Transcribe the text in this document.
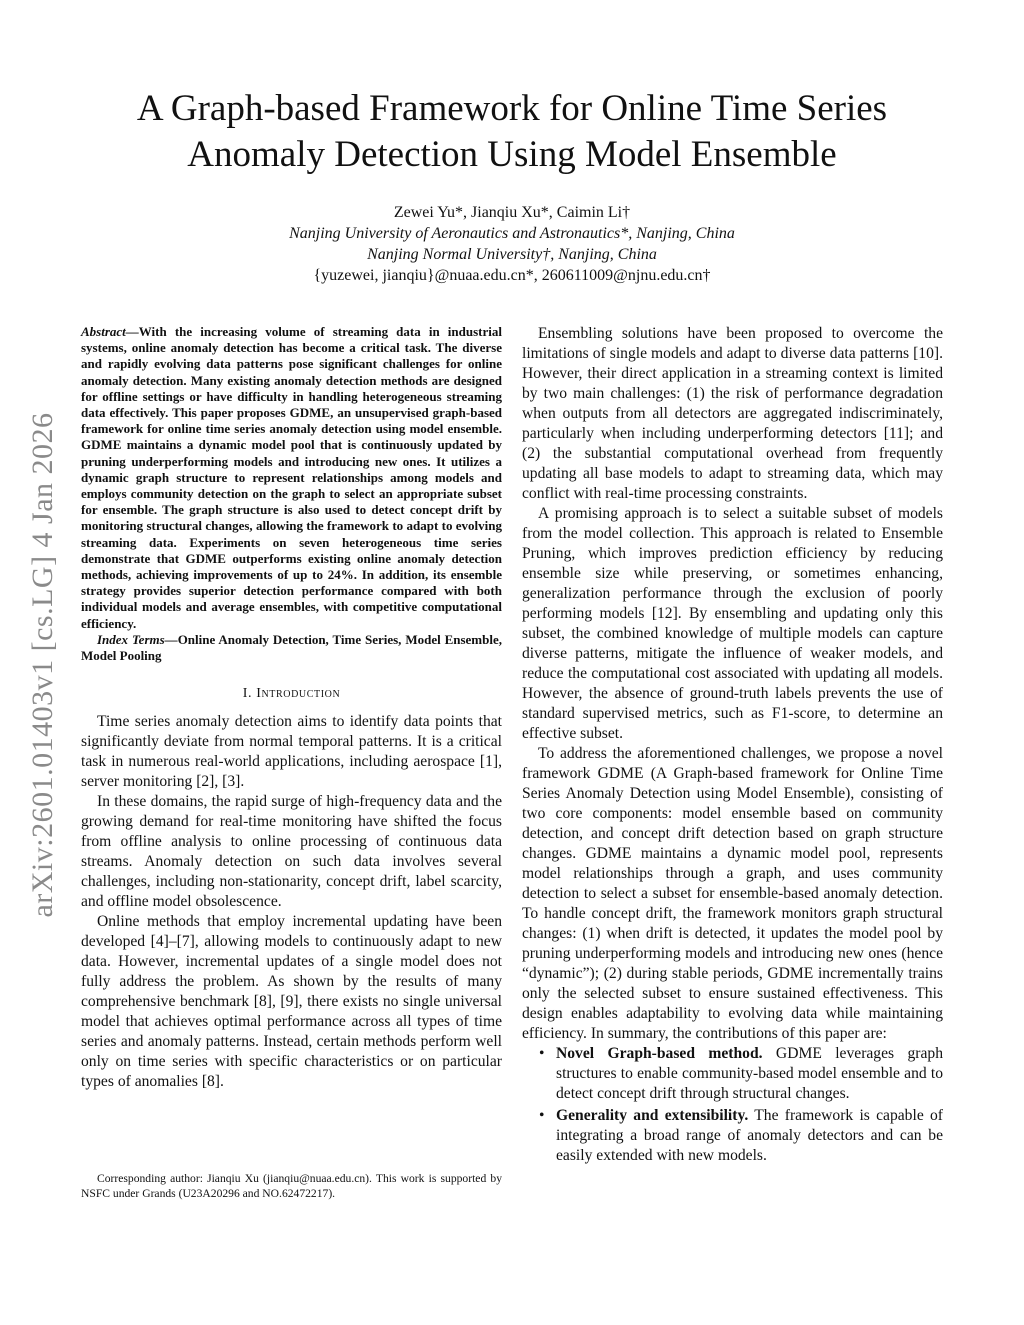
arXiv:2601.01403v1 [cs.LG] 4 Jan 2026
A Graph-based Framework for Online Time Series
Anomaly Detection Using Model Ensemble
Zewei Yu*, Jianqiu Xu*, Caimin Li†
Nanjing University of Aeronautics and Astronautics*, Nanjing, China
Nanjing Normal University†, Nanjing, China
{yuzewei, jianqiu}@nuaa.edu.cn*, 260611009@njnu.edu.cn†
Abstract—With the increasing volume of streaming data in industrial systems, online anomaly detection has become a critical task. The diverse and rapidly evolving data patterns pose significant challenges for online anomaly detection. Many existing anomaly detection methods are designed for offline settings or have difficulty in handling heterogeneous streaming data effectively. This paper proposes GDME, an unsupervised graph-based framework for online time series anomaly detection using model ensemble. GDME maintains a dynamic model pool that is continuously updated by pruning underperforming models and introducing new ones. It utilizes a dynamic graph structure to represent relationships among models and employs community detection on the graph to select an appropriate subset for ensemble. The graph structure is also used to detect concept drift by monitoring structural changes, allowing the framework to adapt to evolving streaming data. Experiments on seven heterogeneous time series demonstrate that GDME outperforms existing online anomaly detection methods, achieving improvements of up to 24%. In addition, its ensemble strategy provides superior detection performance compared with both individual models and average ensembles, with competitive computational efficiency.
Index Terms—Online Anomaly Detection, Time Series, Model Ensemble, Model Pooling
I. Introduction

Time series anomaly detection aims to identify data points that significantly deviate from normal temporal patterns. It is a critical task in numerous real-world applications, including aerospace [1], server monitoring [2], [3].

In these domains, the rapid surge of high-frequency data and the growing demand for real-time monitoring have shifted the focus from offline analysis to online processing of continuous data streams. Anomaly detection on such data involves several challenges, including non-stationarity, concept drift, label scarcity, and offline model obsolescence.

Online methods that employ incremental updating have been developed [4]–[7], allowing models to continuously adapt to new data. However, incremental updates of a single model does not fully address the problem. As shown by the results of many comprehensive benchmark [8], [9], there exists no single universal model that achieves optimal performance across all types of time series and anomaly patterns. Instead, certain methods perform well only on time series with specific characteristics or on particular types of anomalies [8].

Corresponding author: Jianqiu Xu (jianqiu@nuaa.edu.cn). This work is supported by NSFC under Grands (U23A20296 and NO.62472217).

Ensembling solutions have been proposed to overcome the limitations of single models and adapt to diverse data patterns [10]. However, their direct application in a streaming context is limited by two main challenges: (1) the risk of performance degradation when outputs from all detectors are aggregated indiscriminately, particularly when including underperforming detectors [11]; and (2) the substantial computational overhead from frequently updating all base models to adapt to streaming data, which may conflict with real-time processing constraints.

A promising approach is to select a suitable subset of models from the model collection. This approach is related to Ensemble Pruning, which improves prediction efficiency by reducing ensemble size while preserving, or sometimes enhancing, generalization performance through the exclusion of poorly performing models [12]. By ensembling and updating only this subset, the combined knowledge of multiple models can capture diverse patterns, mitigate the influence of weaker models, and reduce the computational cost associated with updating all models. However, the absence of ground-truth labels prevents the use of standard supervised metrics, such as F1-score, to determine an effective subset.

To address the aforementioned challenges, we propose a novel framework GDME (A Graph-based framework for Online Time Series Anomaly Detection using Model Ensemble), consisting of two core components: model ensemble based on community detection, and concept drift detection based on graph structure changes. GDME maintains a dynamic model pool, represents model relationships through a graph, and uses community detection to select a subset for ensemble-based anomaly detection. To handle concept drift, the framework monitors graph structural changes: (1) when drift is detected, it updates the model pool by pruning underperforming models and introducing new ones (hence “dynamic”); (2) during stable periods, GDME incrementally trains only the selected subset to ensure sustained effectiveness. This design enables adaptability to evolving data while maintaining efficiency. In summary, the contributions of this paper are:

• Novel Graph-based method. GDME leverages graph structures to enable community-based model ensemble and to detect concept drift through structural changes.
• Generality and extensibility. The framework is capable of integrating a broad range of anomaly detectors and can be easily extended with new models.
